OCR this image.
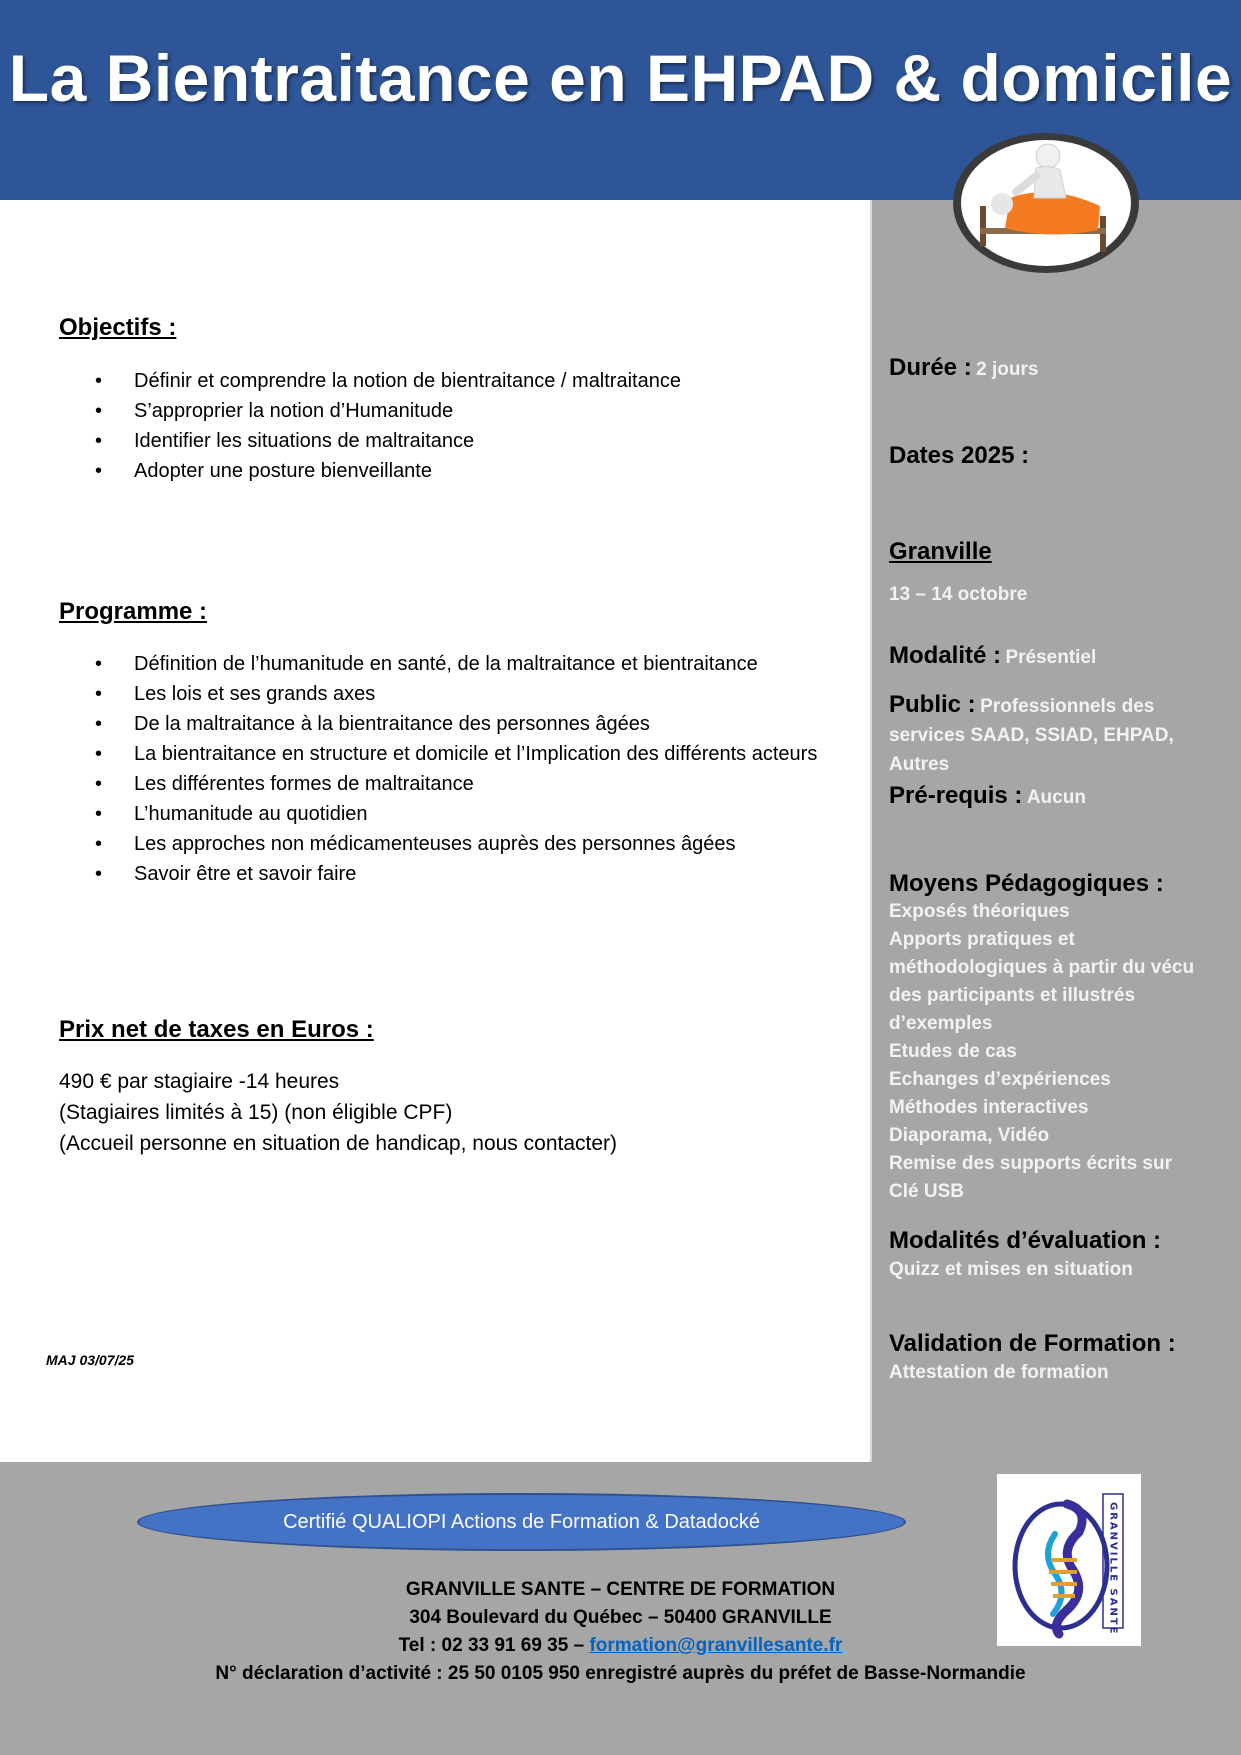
La Bientraitance en EHPAD & domicile

Objectifs :

• Définir et comprendre la notion de bientraitance / maltraitance
• S’approprier la notion d’Humanitude
• Identifier les situations de maltraitance
• Adopter une posture bienveillante

Programme :

• Définition de l’humanitude en santé, de la maltraitance et bientraitance
• Les lois et ses grands axes
• De la maltraitance à la bientraitance des personnes âgées
• La bientraitance en structure et domicile et l’Implication des différents acteurs
• Les différentes formes de maltraitance
• L’humanitude au quotidien
• Les approches non médicamenteuses auprès des personnes âgées
• Savoir être et savoir faire

Prix net de taxes en Euros :

490 € par stagiaire -14 heures
(Stagiaires limités à 15) (non éligible CPF)
(Accueil personne en situation de handicap, nous contacter)
MAJ 03/07/25
Durée : 2 jours
Dates 2025 :
Granville
13 – 14 octobre
Modalité : Présentiel
Public : Professionnels des
services SAAD, SSIAD, EHPAD,
Autres
Pré-requis : Aucun
Moyens Pédagogiques :
Exposés théoriques
Apports pratiques et
méthodologiques à partir du vécu
des participants et illustrés
d’exemples
Etudes de cas
Echanges d’expériences
Méthodes interactives
Diaporama, Vidéo
Remise des supports écrits sur
Clé USB
Modalités d’évaluation :
Quizz et mises en situation
Validation de Formation :
Attestation de formation
Certifié QUALIOPI Actions de Formation & Datadocké	GRANVILLE SANTE
GRANVILLE SANTE – CENTRE DE FORMATION
304 Boulevard du Québec – 50400 GRANVILLE
Tel : 02 33 91 69 35 – formation@granvillesante.fr
N° déclaration d’activité : 25 50 0105 950 enregistré auprès du préfet de Basse-Normandie
